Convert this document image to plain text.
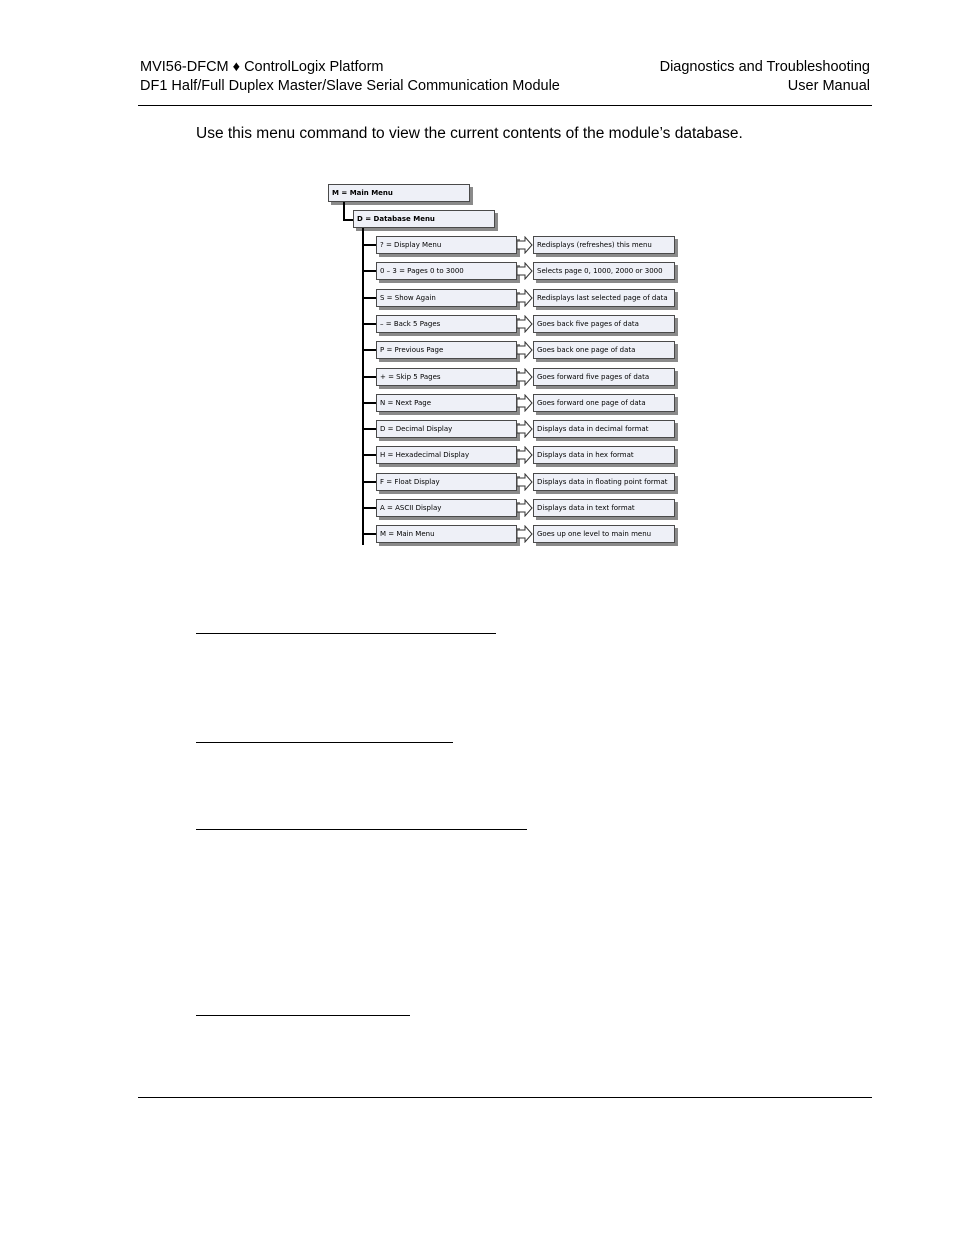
MVI56-DFCM ♦ ControlLogix Platform
DF1 Half/Full Duplex Master/Slave Serial Communication Module
Diagnostics and Troubleshooting
User Manual
Use this menu command to view the current contents of the module’s database.
M = Main Menu
D = Database Menu
? = Display Menu	Redisplays (refreshes) this menu
0 – 3 = Pages 0 to 3000	Selects page 0, 1000, 2000 or 3000
S = Show Again	Redisplays last selected page of data
– = Back 5 Pages	Goes back five pages of data
P = Previous Page	Goes back one page of data
+ = Skip 5 Pages	Goes forward five pages of data
N = Next Page	Goes forward one page of data
D = Decimal Display	Displays data in decimal format
H = Hexadecimal Display	Displays data in hex format
F = Float Display	Displays data in floating point format
A = ASCII Display	Displays data in text format
M = Main Menu	Goes up one level to main menu
